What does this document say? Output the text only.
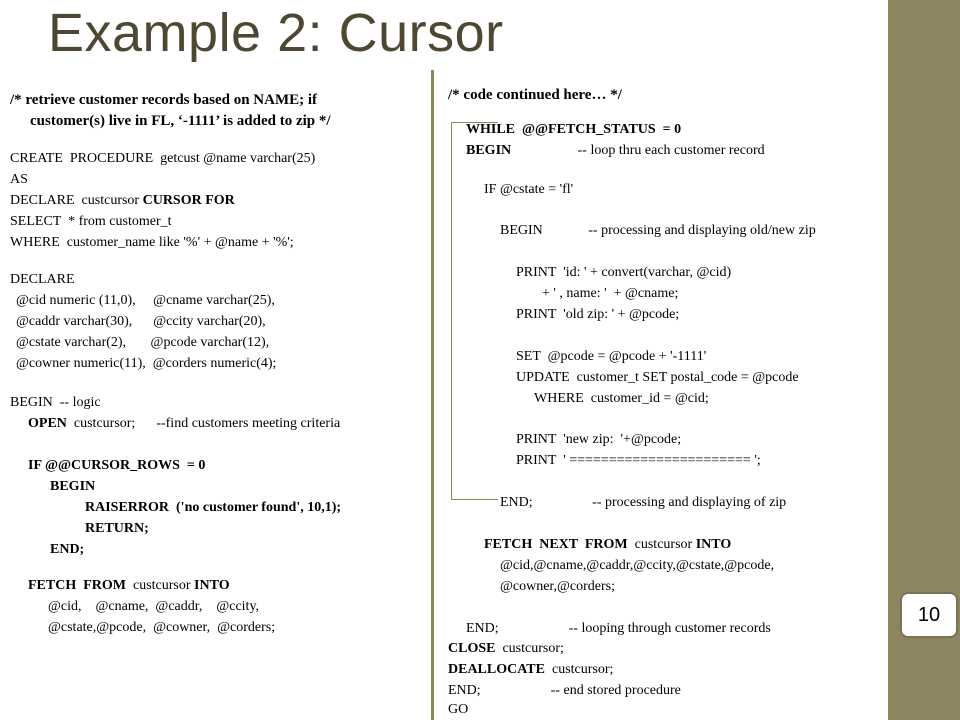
10
Example 2: Cursor
/* retrieve customer records based on NAME; if
customer(s) live in FL, ‘-1111’ is added to zip */
CREATE  PROCEDURE  getcust @name varchar(25)
AS
DECLARE  custcursor CURSOR FOR
SELECT  * from customer_t
WHERE  customer_name like '%' + @name + '%';
DECLARE
@cid numeric (11,0),     @cname varchar(25),
@caddr varchar(30),      @ccity varchar(20),
@cstate varchar(2),       @pcode varchar(12),
@cowner numeric(11),  @corders numeric(4);
BEGIN  -- logic
OPEN  custcursor;      --find customers meeting criteria
IF @@CURSOR_ROWS  = 0
BEGIN
RAISERROR  ('no customer found', 10,1);
RETURN;
END;
FETCH  FROM  custcursor INTO
@cid,    @cname,  @caddr,    @ccity,
@cstate,@pcode,  @cowner,  @corders;
/* code continued here… */
WHILE  @@FETCH_STATUS  = 0
BEGIN                   -- loop thru each customer record
IF @cstate = 'fl'
BEGIN             -- processing and displaying old/new zip
PRINT  'id: ' + convert(varchar, @cid)
+ ' , name: '  + @cname;
PRINT  'old zip: ' + @pcode;
SET  @pcode = @pcode + '-1111'
UPDATE  customer_t SET postal_code = @pcode
WHERE  customer_id = @cid;
PRINT  'new zip:  '+@pcode;
PRINT  ' ======================= ';
END;                 -- processing and displaying of zip
FETCH  NEXT  FROM  custcursor INTO
@cid,@cname,@caddr,@ccity,@cstate,@pcode,
@cowner,@corders;
END;                    -- looping through customer records
CLOSE  custcursor;
DEALLOCATE  custcursor;
END;                    -- end stored procedure
GO
